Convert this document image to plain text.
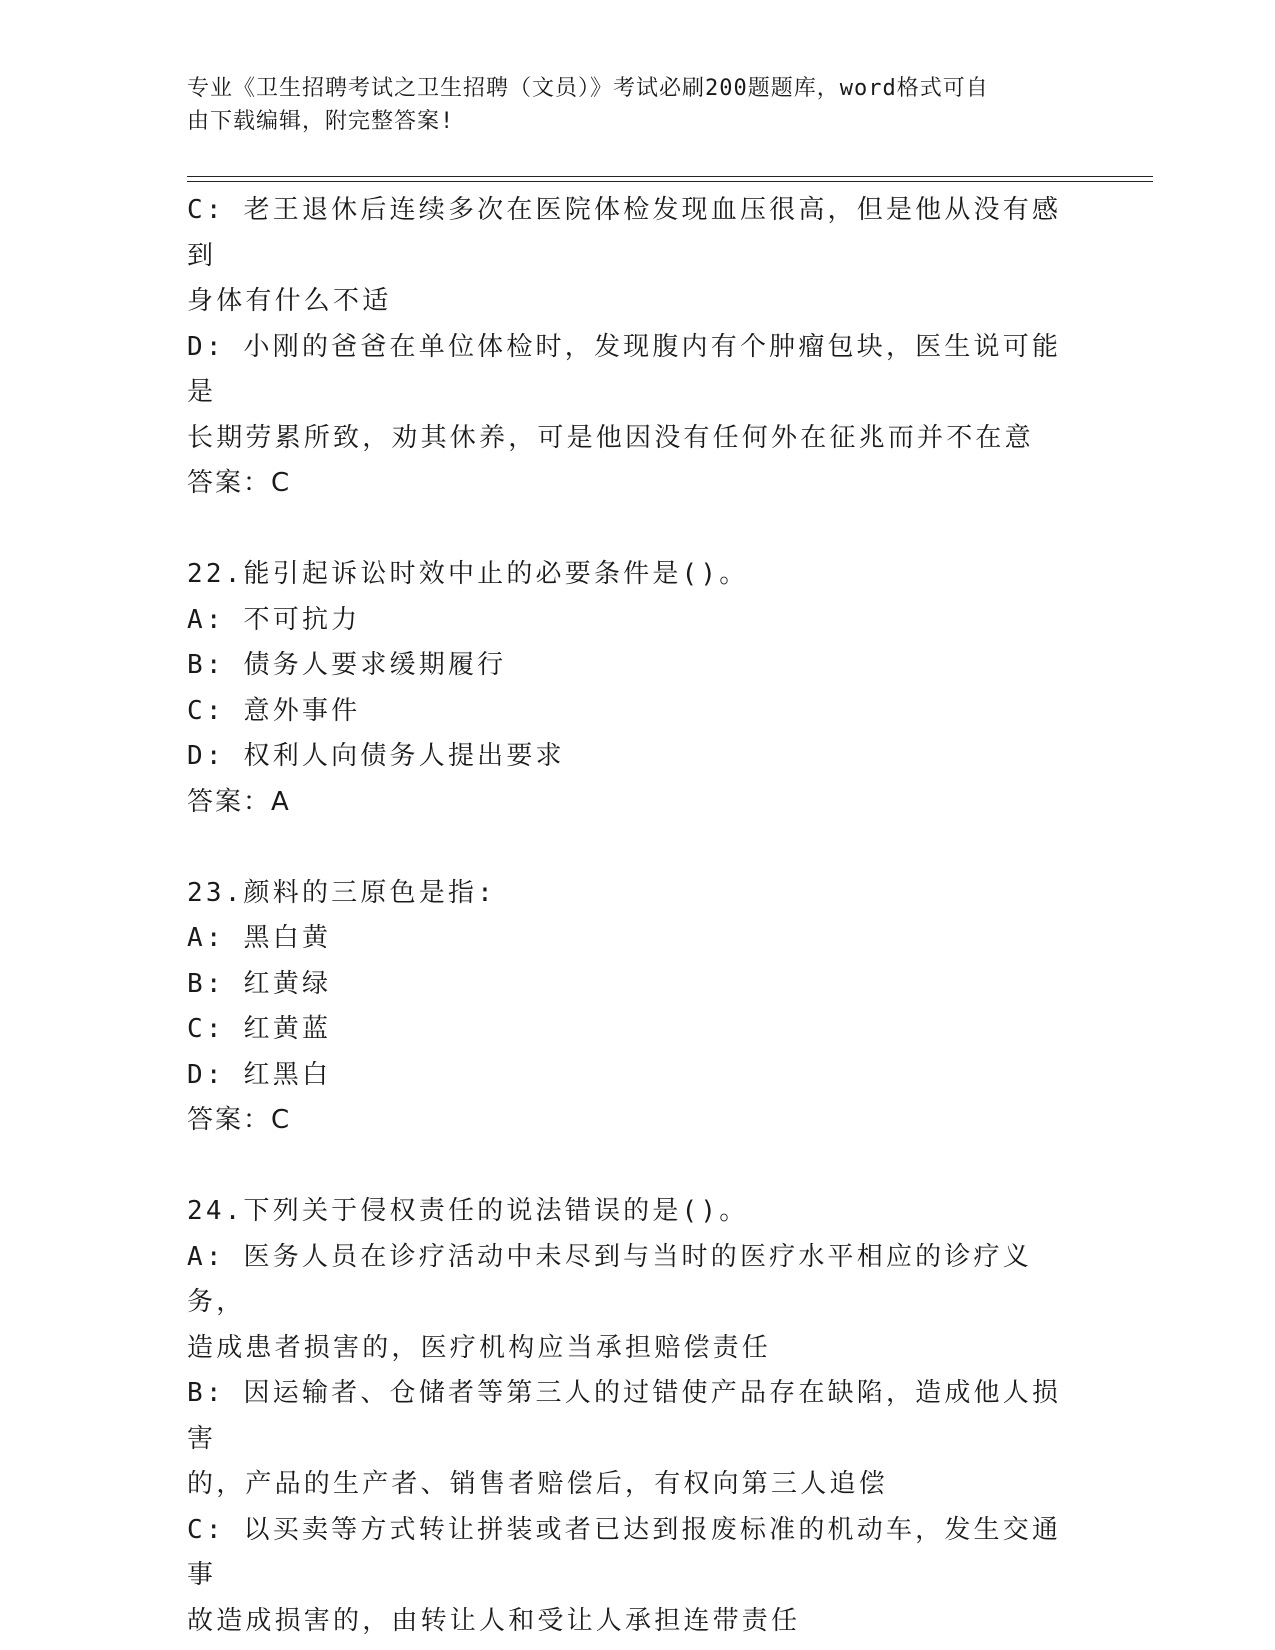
专业《卫生招聘考试之卫生招聘（文员）》考试必刷200题题库，word格式可自
由下载编辑，附完整答案!

C: 老王退休后连续多次在医院体检发现血压很高，但是他从没有感到

身体有什么不适

D: 小刚的爸爸在单位体检时，发现腹内有个肿瘤包块，医生说可能是

长期劳累所致，劝其休养，可是他因没有任何外在征兆而并不在意

答案：C

22.能引起诉讼时效中止的必要条件是()。

A: 不可抗力

B: 债务人要求缓期履行

C: 意外事件

D: 权利人向债务人提出要求

答案：A

23.颜料的三原色是指:

A: 黑白黄

B: 红黄绿

C: 红黄蓝

D: 红黑白

答案：C

24.下列关于侵权责任的说法错误的是()。

A: 医务人员在诊疗活动中未尽到与当时的医疗水平相应的诊疗义务，

造成患者损害的，医疗机构应当承担赔偿责任

B: 因运输者、仓储者等第三人的过错使产品存在缺陷，造成他人损害

的，产品的生产者、销售者赔偿后，有权向第三人追偿

C: 以买卖等方式转让拼装或者已达到报废标准的机动车，发生交通事

故造成损害的，由转让人和受让人承担连带责任
